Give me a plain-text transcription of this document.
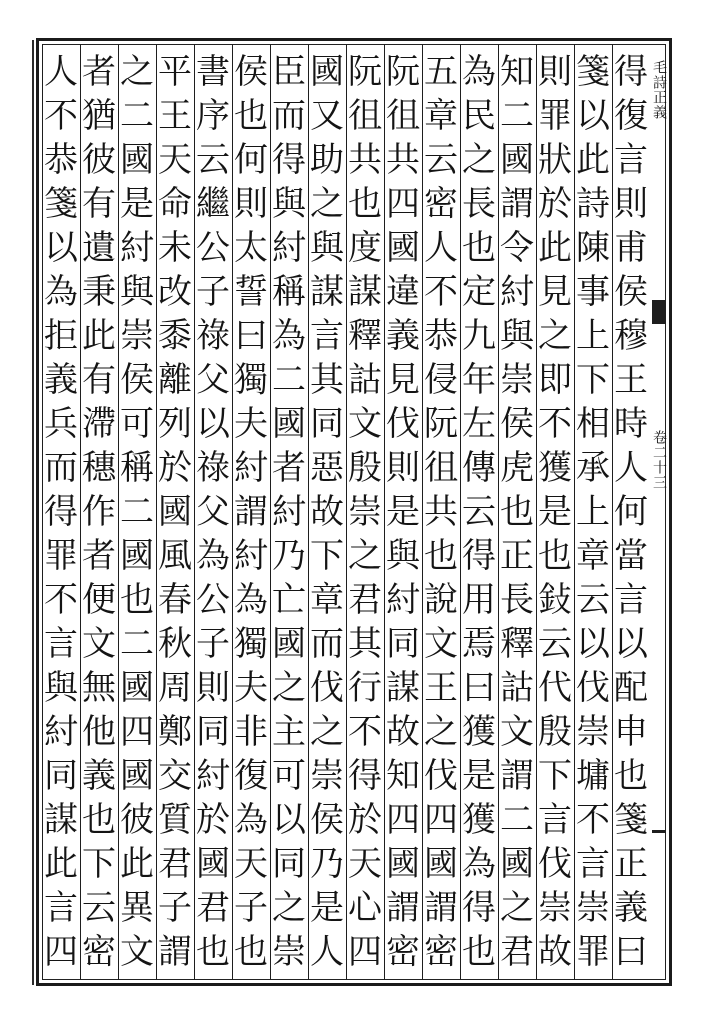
毛詩正義
卷二十三
得
復
言
則
甫
侯
穆
王
時
人
何
當
言
以
配
申
也
箋
正
義
曰
箋
以
此
詩
陳
事
上
下
相
承
上
章
云
以
伐
崇
墉
不
言
崇
罪
則
罪
狀
於
此
見
之
即
不
獲
是
也
鈙
云
代
殷
下
言
伐
崇
故
知
二
國
謂
令
紂
與
崇
侯
虎
也
正
長
釋
詁
文
謂
二
國
之
君
為
民
之
長
也
定
九
年
左
傳
云
得
用
焉
曰
獲
是
獲
為
得
也
五
章
云
密
人
不
恭
侵
阮
徂
共
也
說
文
王
之
伐
四
國
謂
密
阮
徂
共
四
國
違
義
見
伐
則
是
與
紂
同
謀
故
知
四
國
謂
密
阮
徂
共
也
度
謀
釋
詁
文
殷
崇
之
君
其
行
不
得
於
天
心
四
國
又
助
之
與
謀
言
其
同
惡
故
下
章
而
伐
之
崇
侯
乃
是
人
臣
而
得
與
紂
稱
為
二
國
者
紂
乃
亡
國
之
主
可
以
同
之
崇
侯
也
何
則
太
誓
曰
獨
夫
紂
謂
紂
為
獨
夫
非
復
為
天
子
也
書
序
云
繼
公
子
祿
父
以
祿
父
為
公
子
則
同
紂
於
國
君
也
平
王
天
命
未
改
黍
離
列
於
國
風
春
秋
周
鄭
交
質
君
子
謂
之
二
國
是
紂
與
崇
侯
可
稱
二
國
也
二
國
四
國
彼
此
異
文
者
猶
彼
有
遺
秉
此
有
滯
穗
作
者
便
文
無
他
義
也
下
云
密
人
不
恭
箋
以
為
拒
義
兵
而
得
罪
不
言
與
紂
同
謀
此
言
四
